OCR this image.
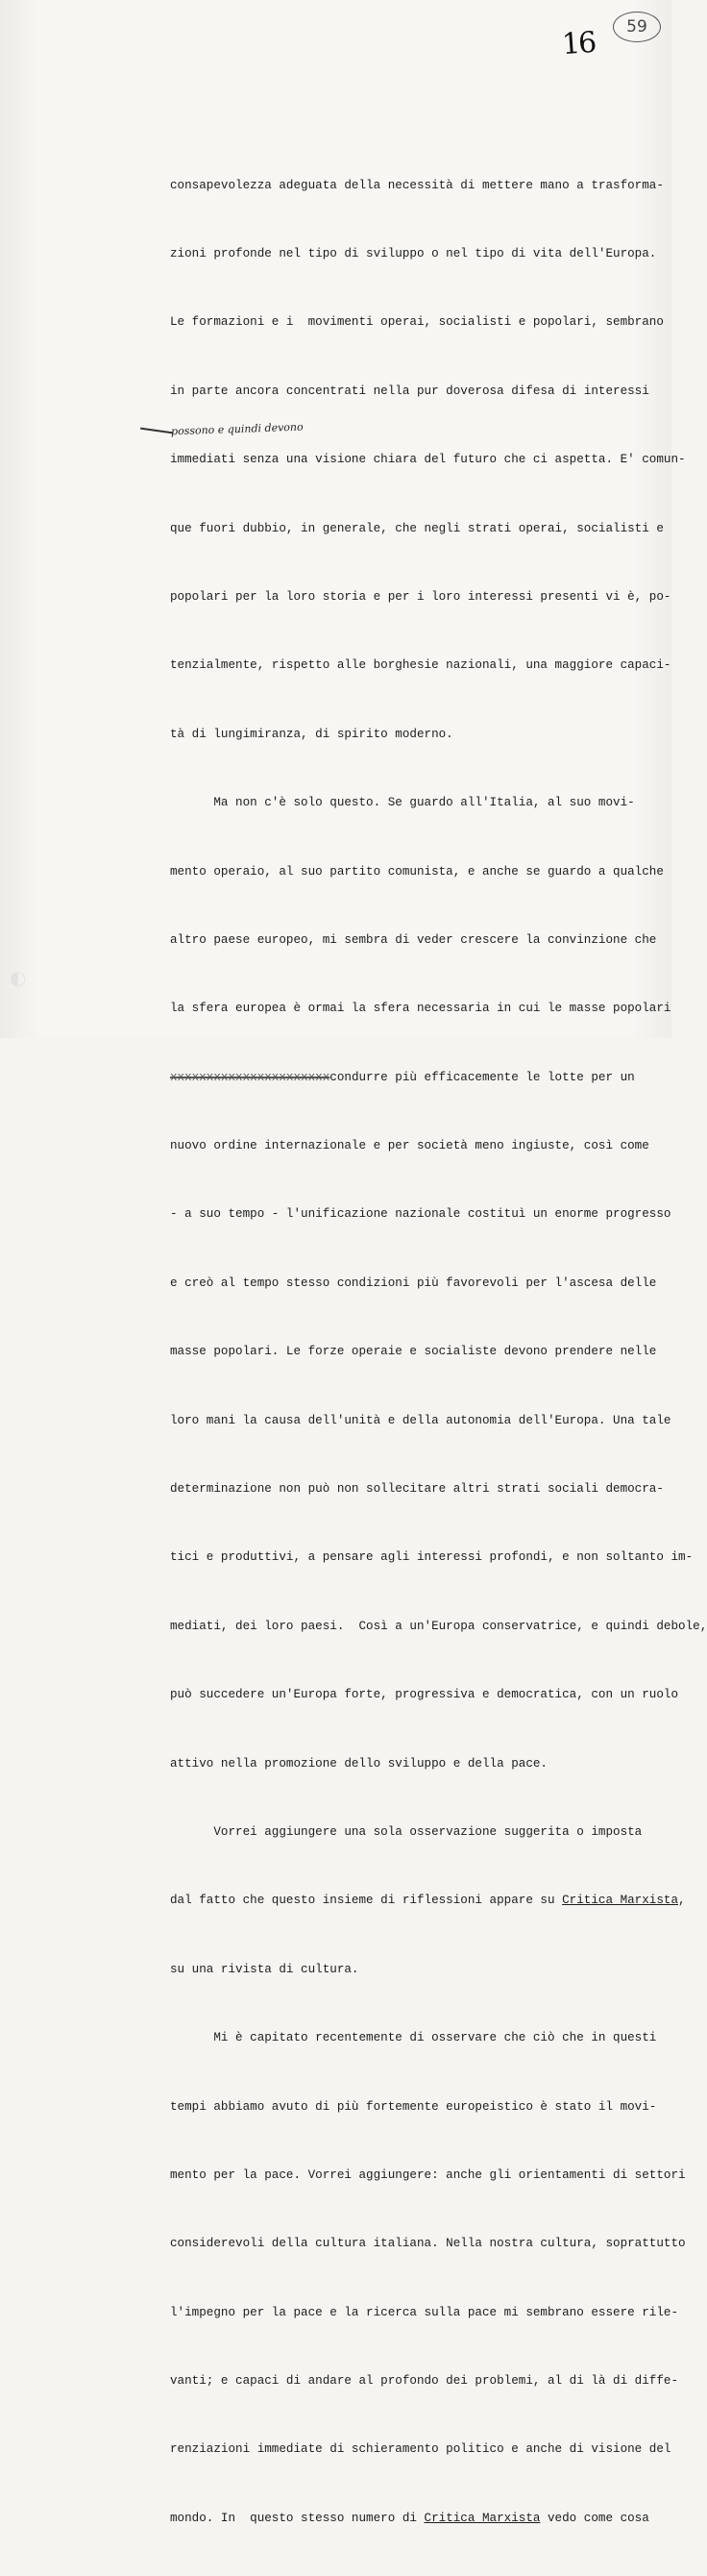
16 59
possono e quindi devono

consapevolezza adeguata della necessità di mettere mano a trasforma-

zioni profonde nel tipo di sviluppo o nel tipo di vita dell'Europa.

Le formazioni e i  movimenti operai, socialisti e popolari, sembrano

in parte ancora concentrati nella pur doverosa difesa di interessi

immediati senza una visione chiara del futuro che ci aspetta. E' comun-

que fuori dubbio, in generale, che negli strati operai, socialisti e

popolari per la loro storia e per i loro interessi presenti vi è, po-

tenzialmente, rispetto alle borghesie nazionali, una maggiore capaci-

tà di lungimiranza, di spirito moderno.

Ma non c'è solo questo. Se guardo all'Italia, al suo movi-

mento operaio, al suo partito comunista, e anche se guardo a qualche

altro paese europeo, mi sembra di veder crescere la convinzione che

la sfera europea è ormai la sfera necessaria in cui le masse popolari

xxxxxxxxxxxxxxxxxxxxxxcondurre più efficacemente le lotte per un

nuovo ordine internazionale e per società meno ingiuste, così come

- a suo tempo - l'unificazione nazionale costituì un enorme progresso

e creò al tempo stesso condizioni più favorevoli per l'ascesa delle

masse popolari. Le forze operaie e socialiste devono prendere nelle

loro mani la causa dell'unità e della autonomia dell'Europa. Una tale

determinazione non può non sollecitare altri strati sociali democra-

tici e produttivi, a pensare agli interessi profondi, e non soltanto im-

mediati, dei loro paesi.  Così a un'Europa conservatrice, e quindi debole,

può succedere un'Europa forte, progressiva e democratica, con un ruolo

attivo nella promozione dello sviluppo e della pace.

Vorrei aggiungere una sola osservazione suggerita o imposta

dal fatto che questo insieme di riflessioni appare su Critica Marxista,

su una rivista di cultura.

Mi è capitato recentemente di osservare che ciò che in questi

tempi abbiamo avuto di più fortemente europeistico è stato il movi-

mento per la pace. Vorrei aggiungere: anche gli orientamenti di settori

considerevoli della cultura italiana. Nella nostra cultura, soprattutto

l'impegno per la pace e la ricerca sulla pace mi sembrano essere rile-

vanti; e capaci di andare al profondo dei problemi, al di là di diffe-

renziazioni immediate di schieramento politico e anche di visione del

mondo. In  questo stesso numero di Critica Marxista vedo come cosa

◐
